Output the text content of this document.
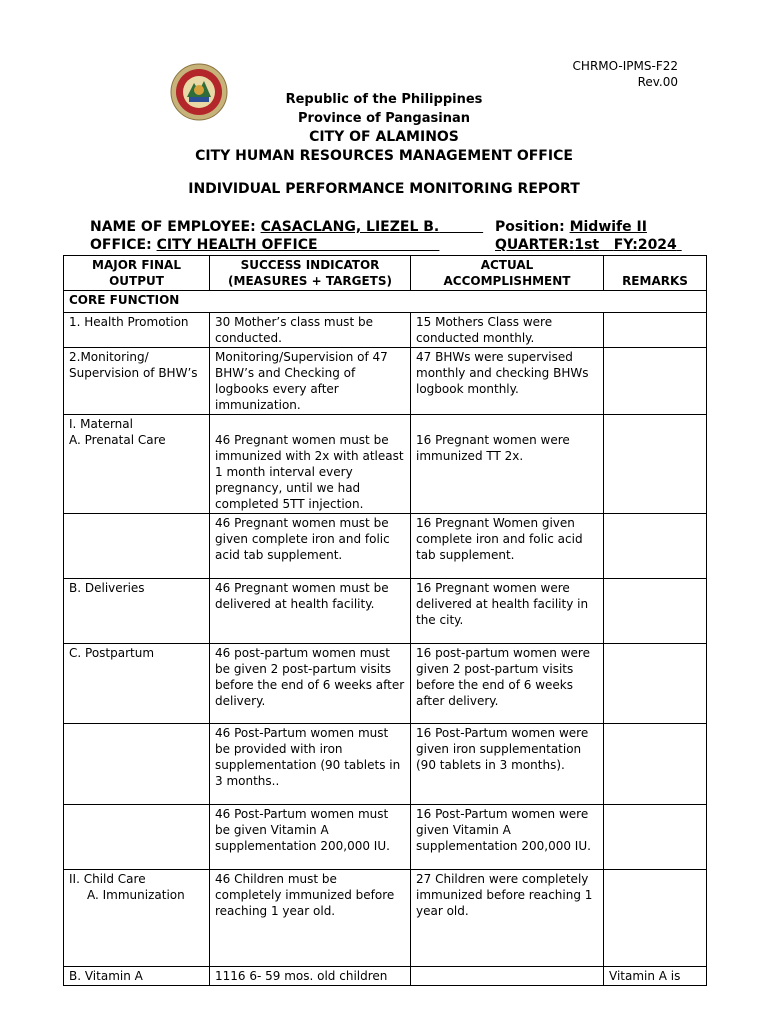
CHRMO-IPMS-F22
Rev.00
Republic of the Philippines
Province of Pangasinan
CITY OF ALAMINOS
CITY HUMAN RESOURCES MANAGEMENT OFFICE
INDIVIDUAL PERFORMANCE MONITORING REPORT
NAME OF EMPLOYEE: CASACLANG, LIEZEL B.	Position: Midwife II
OFFICE: CITY HEALTH OFFICE	QUARTER:1st FY:2024
MAJOR FINAL OUTPUT	SUCCESS INDICATOR (MEASURES + TARGETS)	ACTUAL ACCOMPLISHMENT	REMARKS
CORE FUNCTION			
1. Health Promotion	30 Mother’s class must be conducted.	15 Mothers Class were conducted monthly.	
2.Monitoring/ Supervision of BHW’s	Monitoring/Supervision of 47 BHW’s and Checking of logbooks every after immunization.	47 BHWs were supervised monthly and checking BHWs logbook monthly.	

I. Maternal
A. Prenatal Care	46 Pregnant women must be immunized with 2x with atleast 1 month interval every pregnancy, until we had completed 5TT injection.	16 Pregnant women were immunized TT 2x.	

	46 Pregnant women must be given complete iron and folic acid tab supplement.	16 Pregnant Women given complete iron and folic acid tab supplement.	
B. Deliveries	46 Pregnant women must be delivered at health facility.	16 Pregnant women were delivered at health facility in the city.	
C. Postpartum	46 post-partum women must be given 2 post-partum visits before the end of 6 weeks after delivery.	16 post-partum women were given 2 post-partum visits before the end of 6 weeks after delivery.	
	46 Post-Partum women must be provided with iron supplementation (90 tablets in 3 months..	16 Post-Partum women were given iron supplementation (90 tablets in 3 months).	
	46 Post-Partum women must be given Vitamin A supplementation 200,000 IU.	16 Post-Partum women were given Vitamin A supplementation 200,000 IU.	

II. Child Care
A. Immunization	46 Children must be completely immunized before reaching 1 year old.	27 Children were completely immunized before reaching 1 year old.	
B. Vitamin A	1116 6- 59 mos. old children		Vitamin A is
